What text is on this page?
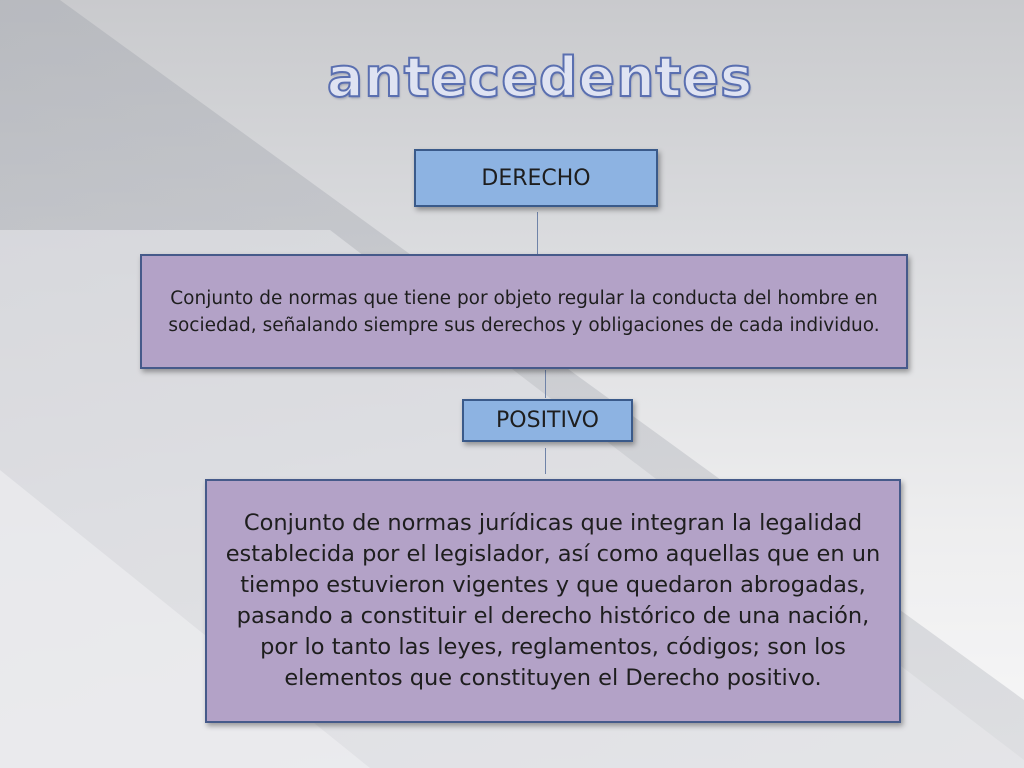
antecedentes
DERECHO
Conjunto de normas que tiene por objeto regular la conducta del hombre en sociedad, señalando siempre sus derechos y obligaciones de cada individuo.
POSITIVO
Conjunto de normas jurídicas que integran la legalidad establecida por el legislador, así como aquellas que en un tiempo estuvieron vigentes y que quedaron abrogadas, pasando a constituir el derecho histórico de una nación, por lo tanto las leyes, reglamentos, códigos; son los elementos que constituyen el Derecho positivo.
